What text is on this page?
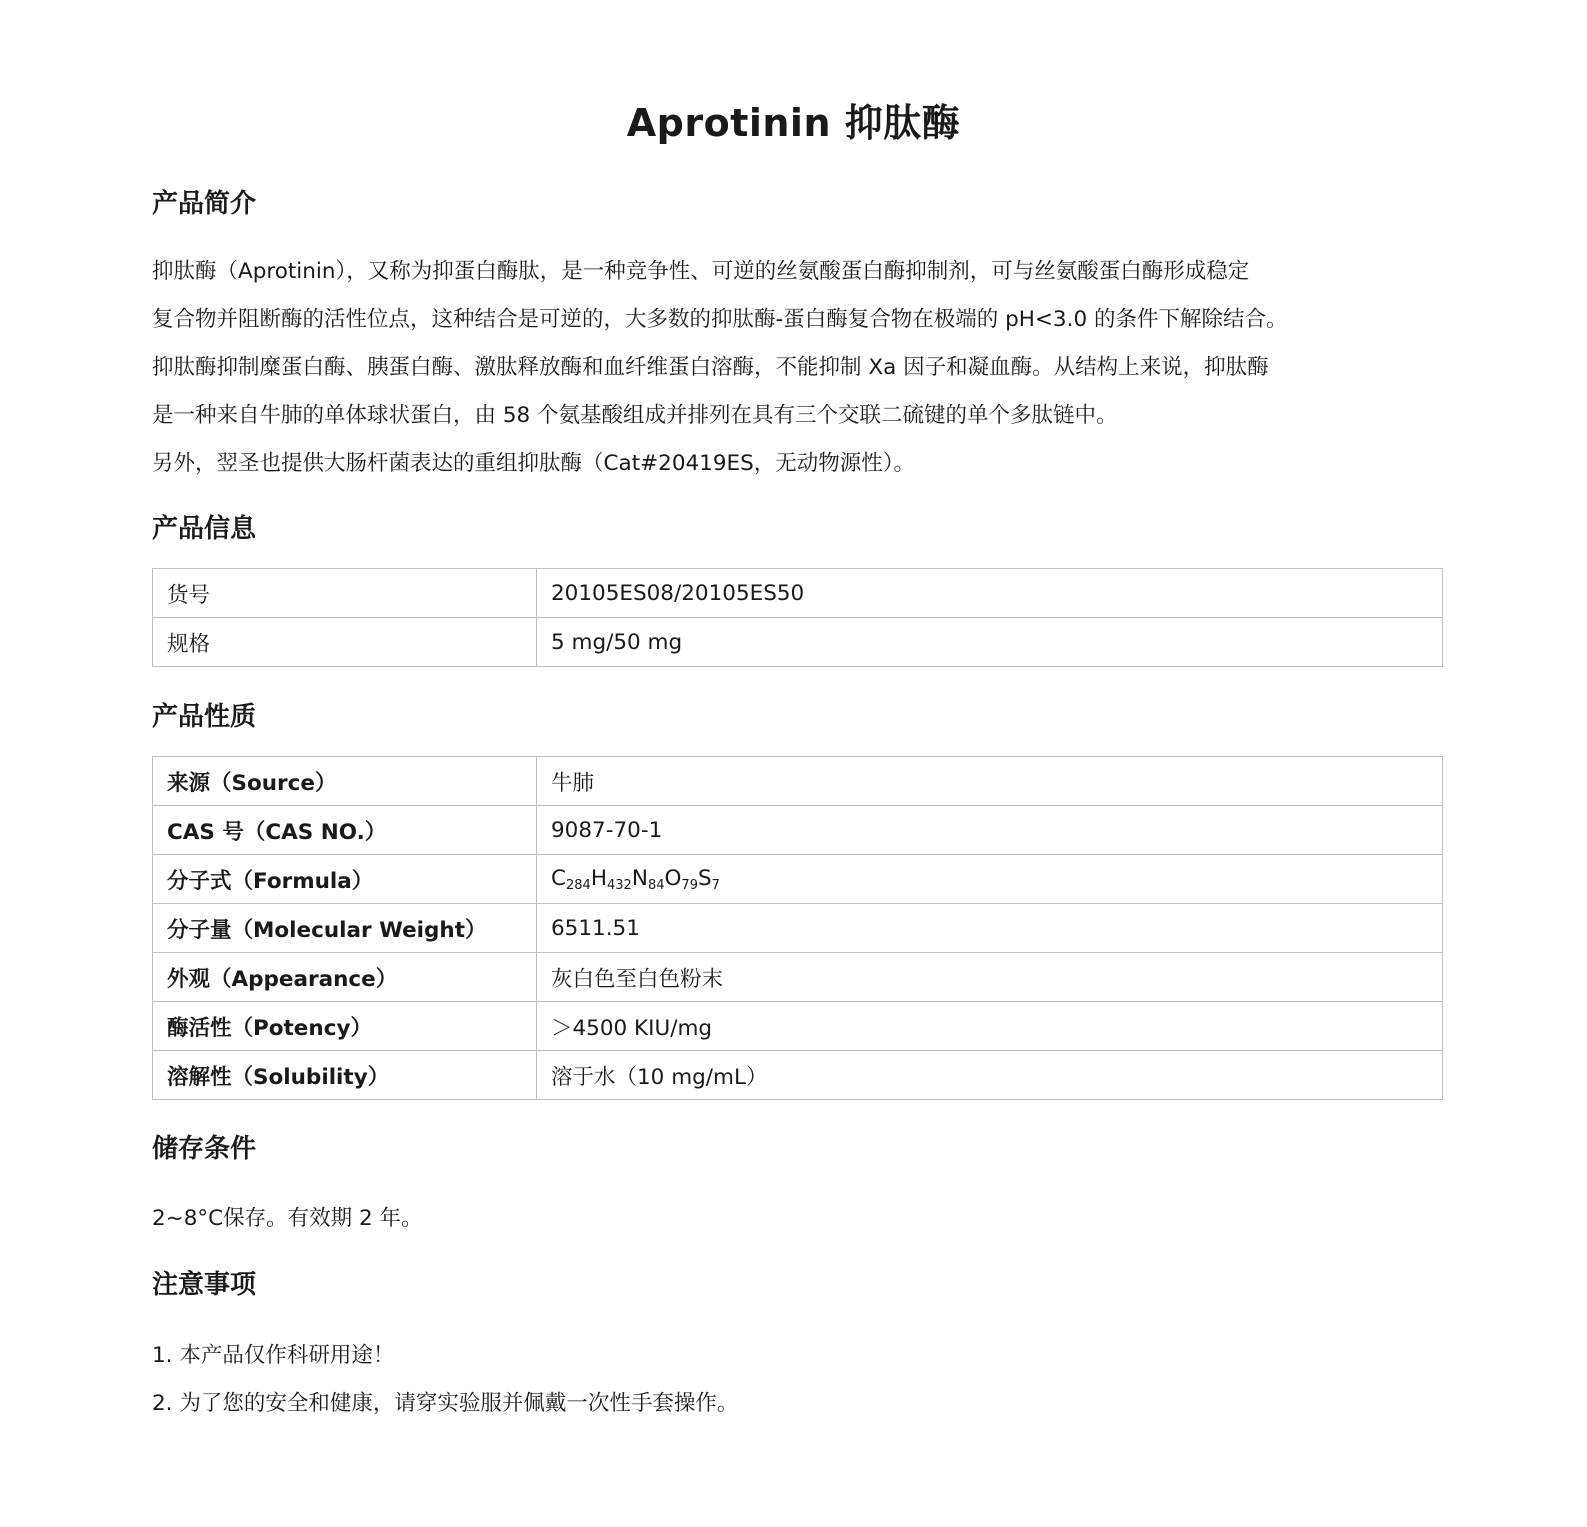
Aprotinin 抑肽酶
产品简介
抑肽酶（Aprotinin），又称为抑蛋白酶肽，是一种竞争性、可逆的丝氨酸蛋白酶抑制剂，可与丝氨酸蛋白酶形成稳定
复合物并阻断酶的活性位点，这种结合是可逆的，大多数的抑肽酶-蛋白酶复合物在极端的 pH<3.0 的条件下解除结合。
抑肽酶抑制糜蛋白酶、胰蛋白酶、激肽释放酶和血纤维蛋白溶酶，不能抑制 Xa 因子和凝血酶。从结构上来说，抑肽酶
是一种来自牛肺的单体球状蛋白，由 58 个氨基酸组成并排列在具有三个交联二硫键的单个多肽链中。
另外，翌圣也提供大肠杆菌表达的重组抑肽酶（Cat#20419ES，无动物源性）。
产品信息
货号	20105ES08/20105ES50
规格	5 mg/50 mg
产品性质
来源（Source）	牛肺
CAS 号（CAS NO.）	9087-70-1
分子式（Formula）	$C_{284}H_{432}N_{84}O_{79}S_7$
分子量（Molecular Weight）	6511.51
外观（Appearance）	灰白色至白色粉末
酶活性（Potency）	＞4500 KIU/mg
溶解性（Solubility）	溶于水（10 mg/mL）
储存条件
2~8°C保存。有效期 2 年。
注意事项
1. 本产品仅作科研用途！
2. 为了您的安全和健康，请穿实验服并佩戴一次性手套操作。
